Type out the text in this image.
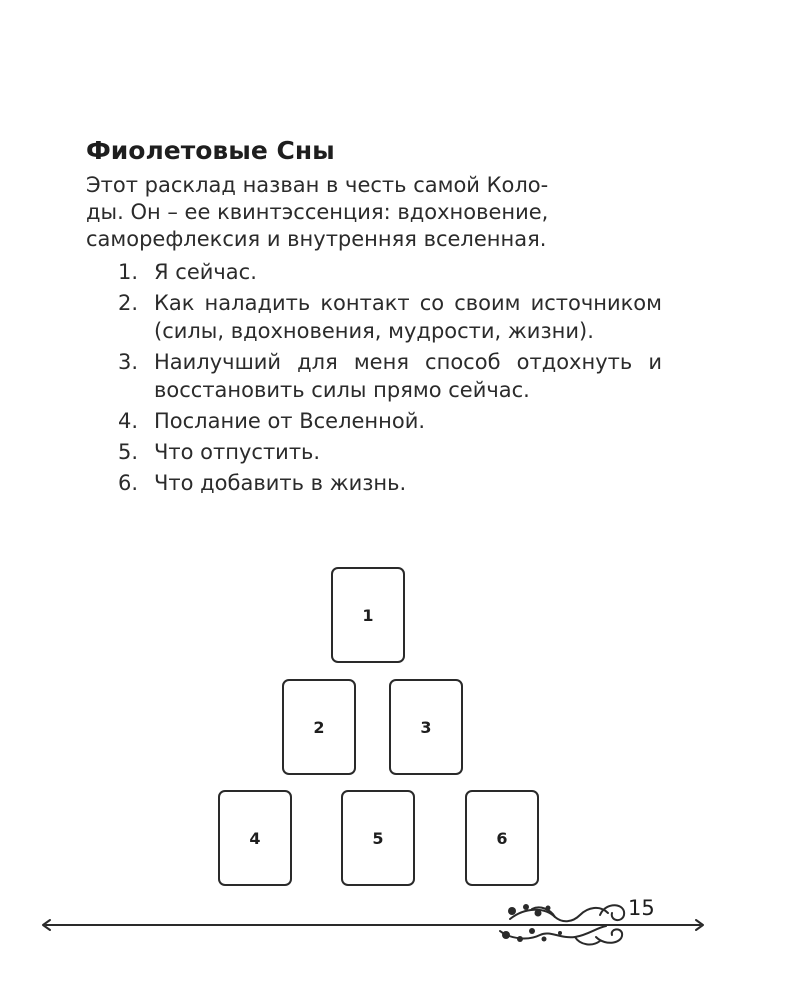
Фиолетовые Сны

Этот расклад назван в честь самой Коло-
ды. Он – ее квинтэссенция: вдохновение,
саморефлексия и внутренняя вселенная.

1. Я сейчас.
2. Как наладить контакт со своим источником (силы, вдохновения, мудрости, жизни).
3. Наилучший для меня способ отдохнуть и восстановить силы прямо сейчас.
4. Послание от Вселенной.
5. Что отпустить.
6. Что добавить в жизнь.
1
2	3
4	5	6
15
